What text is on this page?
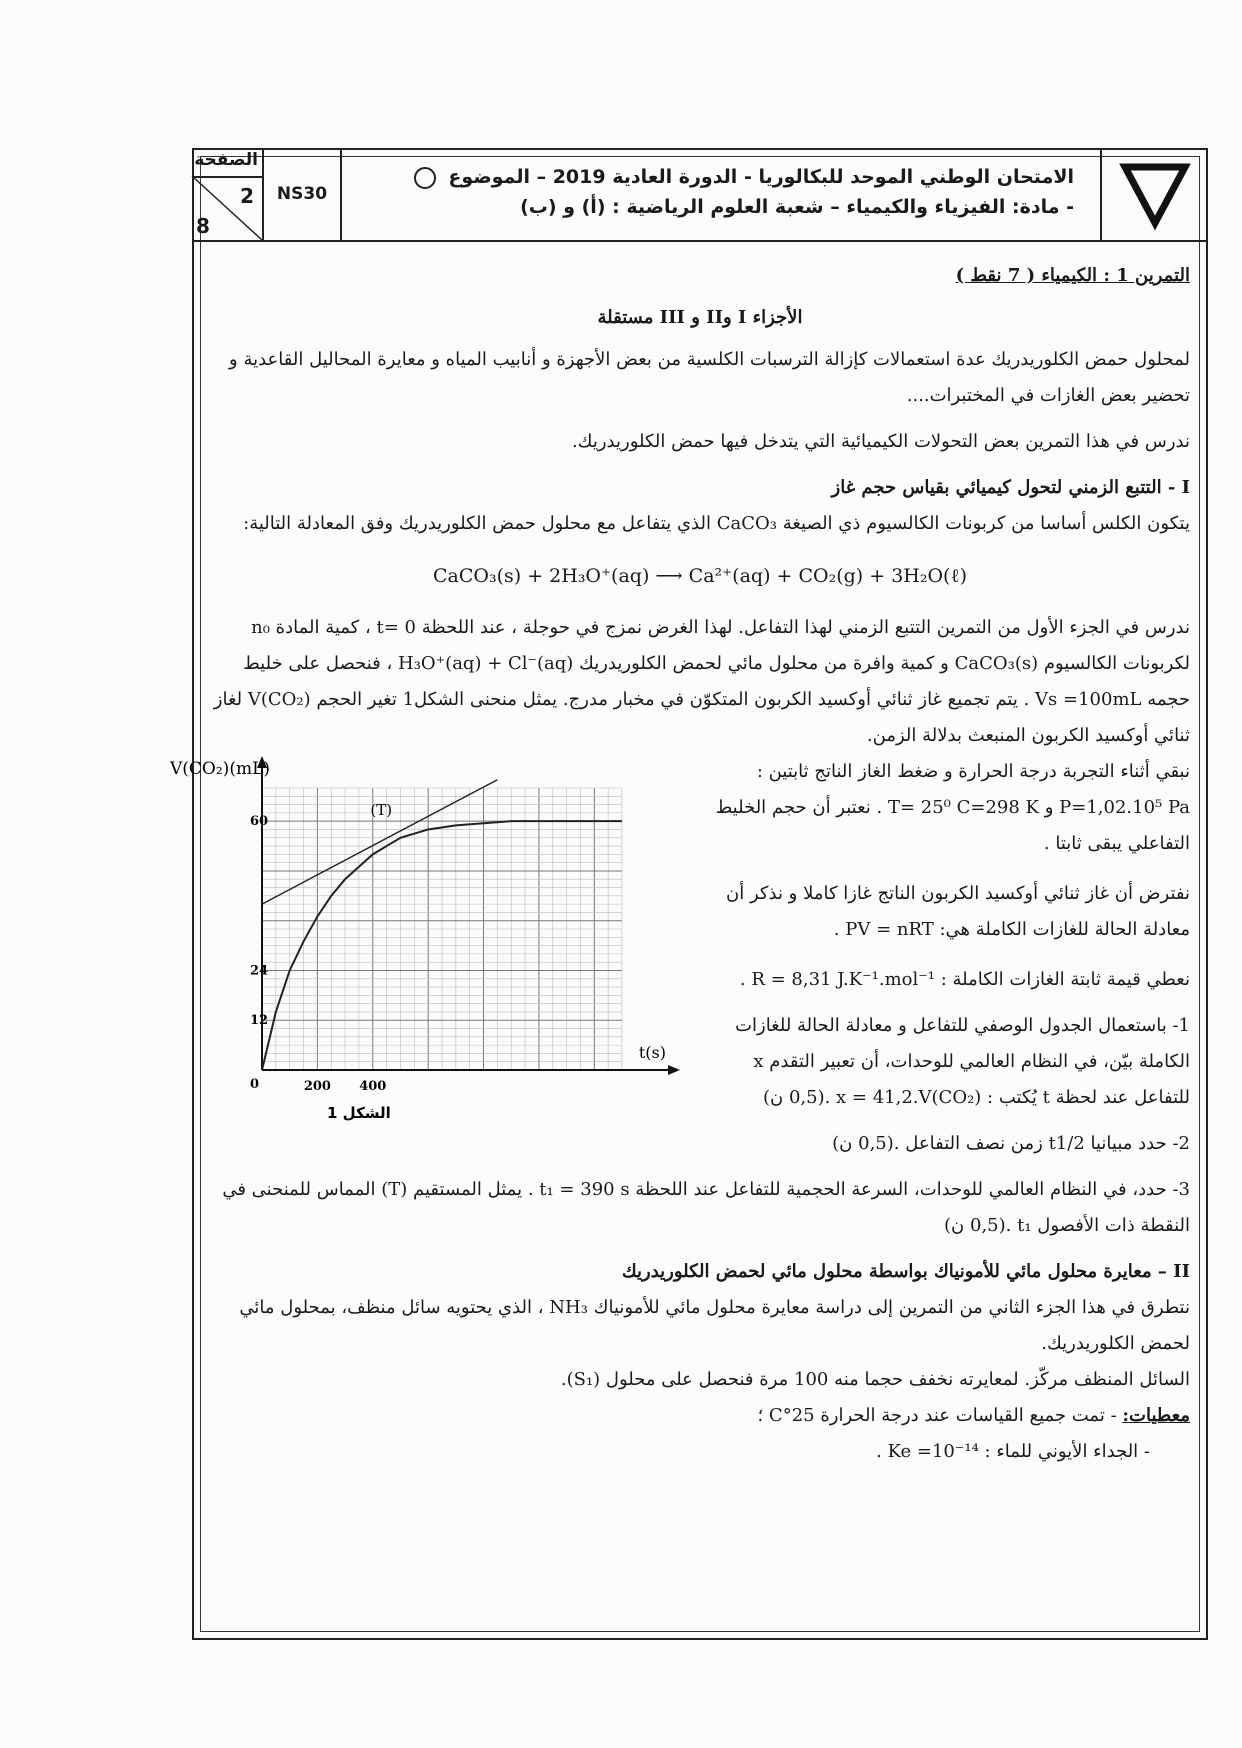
الصفحة
2
8
NS30
الامتحان الوطني الموحد للبكالوريا - الدورة العادية 2019 – الموضوع
- مادة: الفيزياء والكيمياء – شعبة العلوم الرياضية : (أ) و (ب)

التمرين 1 : الكيمياء ( 7 نقط )

الأجزاء I وII و III مستقلة

لمحلول حمض الكلوريدريك عدة استعمالات كإزالة الترسبات الكلسية من بعض الأجهزة و أنابيب المياه و معايرة المحاليل القاعدية و تحضير بعض الغازات في المختبرات....

ندرس في هذا التمرين بعض التحولات الكيميائية التي يتدخل فيها حمض الكلوريدريك.

I - التتبع الزمني لتحول كيميائي بقياس حجم غاز

يتكون الكلس أساسا من كربونات الكالسيوم ذي الصيغة CaCO₃ الذي يتفاعل مع محلول حمض الكلوريدريك وفق المعادلة التالية:

CaCO₃(s) + 2H₃O⁺(aq) ⟶ Ca²⁺(aq) + CO₂(g) + 3H₂O(ℓ)

ندرس في الجزء الأول من التمرين التتبع الزمني لهذا التفاعل. لهذا الغرض نمزج في حوجلة ، عند اللحظة t= 0 ، كمية المادة n₀ لكربونات الكالسيوم CaCO₃(s) و كمية وافرة من محلول مائي لحمض الكلوريدريك H₃O⁺(aq) + Cl⁻(aq) ، فنحصل على خليط حجمه Vs =100mL . يتم تجميع غاز ثنائي أوكسيد الكربون المتكوّن في مخبار مدرج. يمثل منحنى الشكل1 تغير الحجم V(CO₂) لغاز ثنائي أوكسيد الكربون المنبعث بدلالة الزمن.

200 400
12
24
60
0
t(s)
V(CO₂)(mL)
(T)
الشكل 1

نبقي أثناء التجربة درجة الحرارة و ضغط الغاز الناتج ثابتين : P=1,02.10⁵ Pa و T= 25⁰ C=298 K . نعتبر أن حجم الخليط التفاعلي يبقى ثابتا .

نفترض أن غاز ثنائي أوكسيد الكربون الناتج غازا كاملا و نذكر أن معادلة الحالة للغازات الكاملة هي: PV = nRT .

نعطي قيمة ثابتة الغازات الكاملة : R = 8,31 J.K⁻¹.mol⁻¹ .

1- باستعمال الجدول الوصفي للتفاعل و معادلة الحالة للغازات الكاملة بيّن، في النظام العالمي للوحدات، أن تعبير التقدم x للتفاعل عند لحظة t يُكتب : x = 41,2.V(CO₂) .(0,5 ن)

2- حدد مبيانيا t1/2 زمن نصف التفاعل .(0,5 ن)

3- حدد، في النظام العالمي للوحدات، السرعة الحجمية للتفاعل عند اللحظة t₁ = 390 s . يمثل المستقيم (T) المماس للمنحنى في النقطة ذات الأفصول t₁ .(0,5 ن)

II – معايرة محلول مائي للأمونياك بواسطة محلول مائي لحمض الكلوريدريك

نتطرق في هذا الجزء الثاني من التمرين إلى دراسة معايرة محلول مائي للأمونياك NH₃ ، الذي يحتويه سائل منظف، بمحلول مائي لحمض الكلوريدريك.

السائل المنظف مركّز. لمعايرته نخفف حجما منه 100 مرة فنحصل على محلول (S₁).

معطيات: - تمت جميع القياسات عند درجة الحرارة 25°C ؛

- الجداء الأيوني للماء : Ke =10⁻¹⁴ .
